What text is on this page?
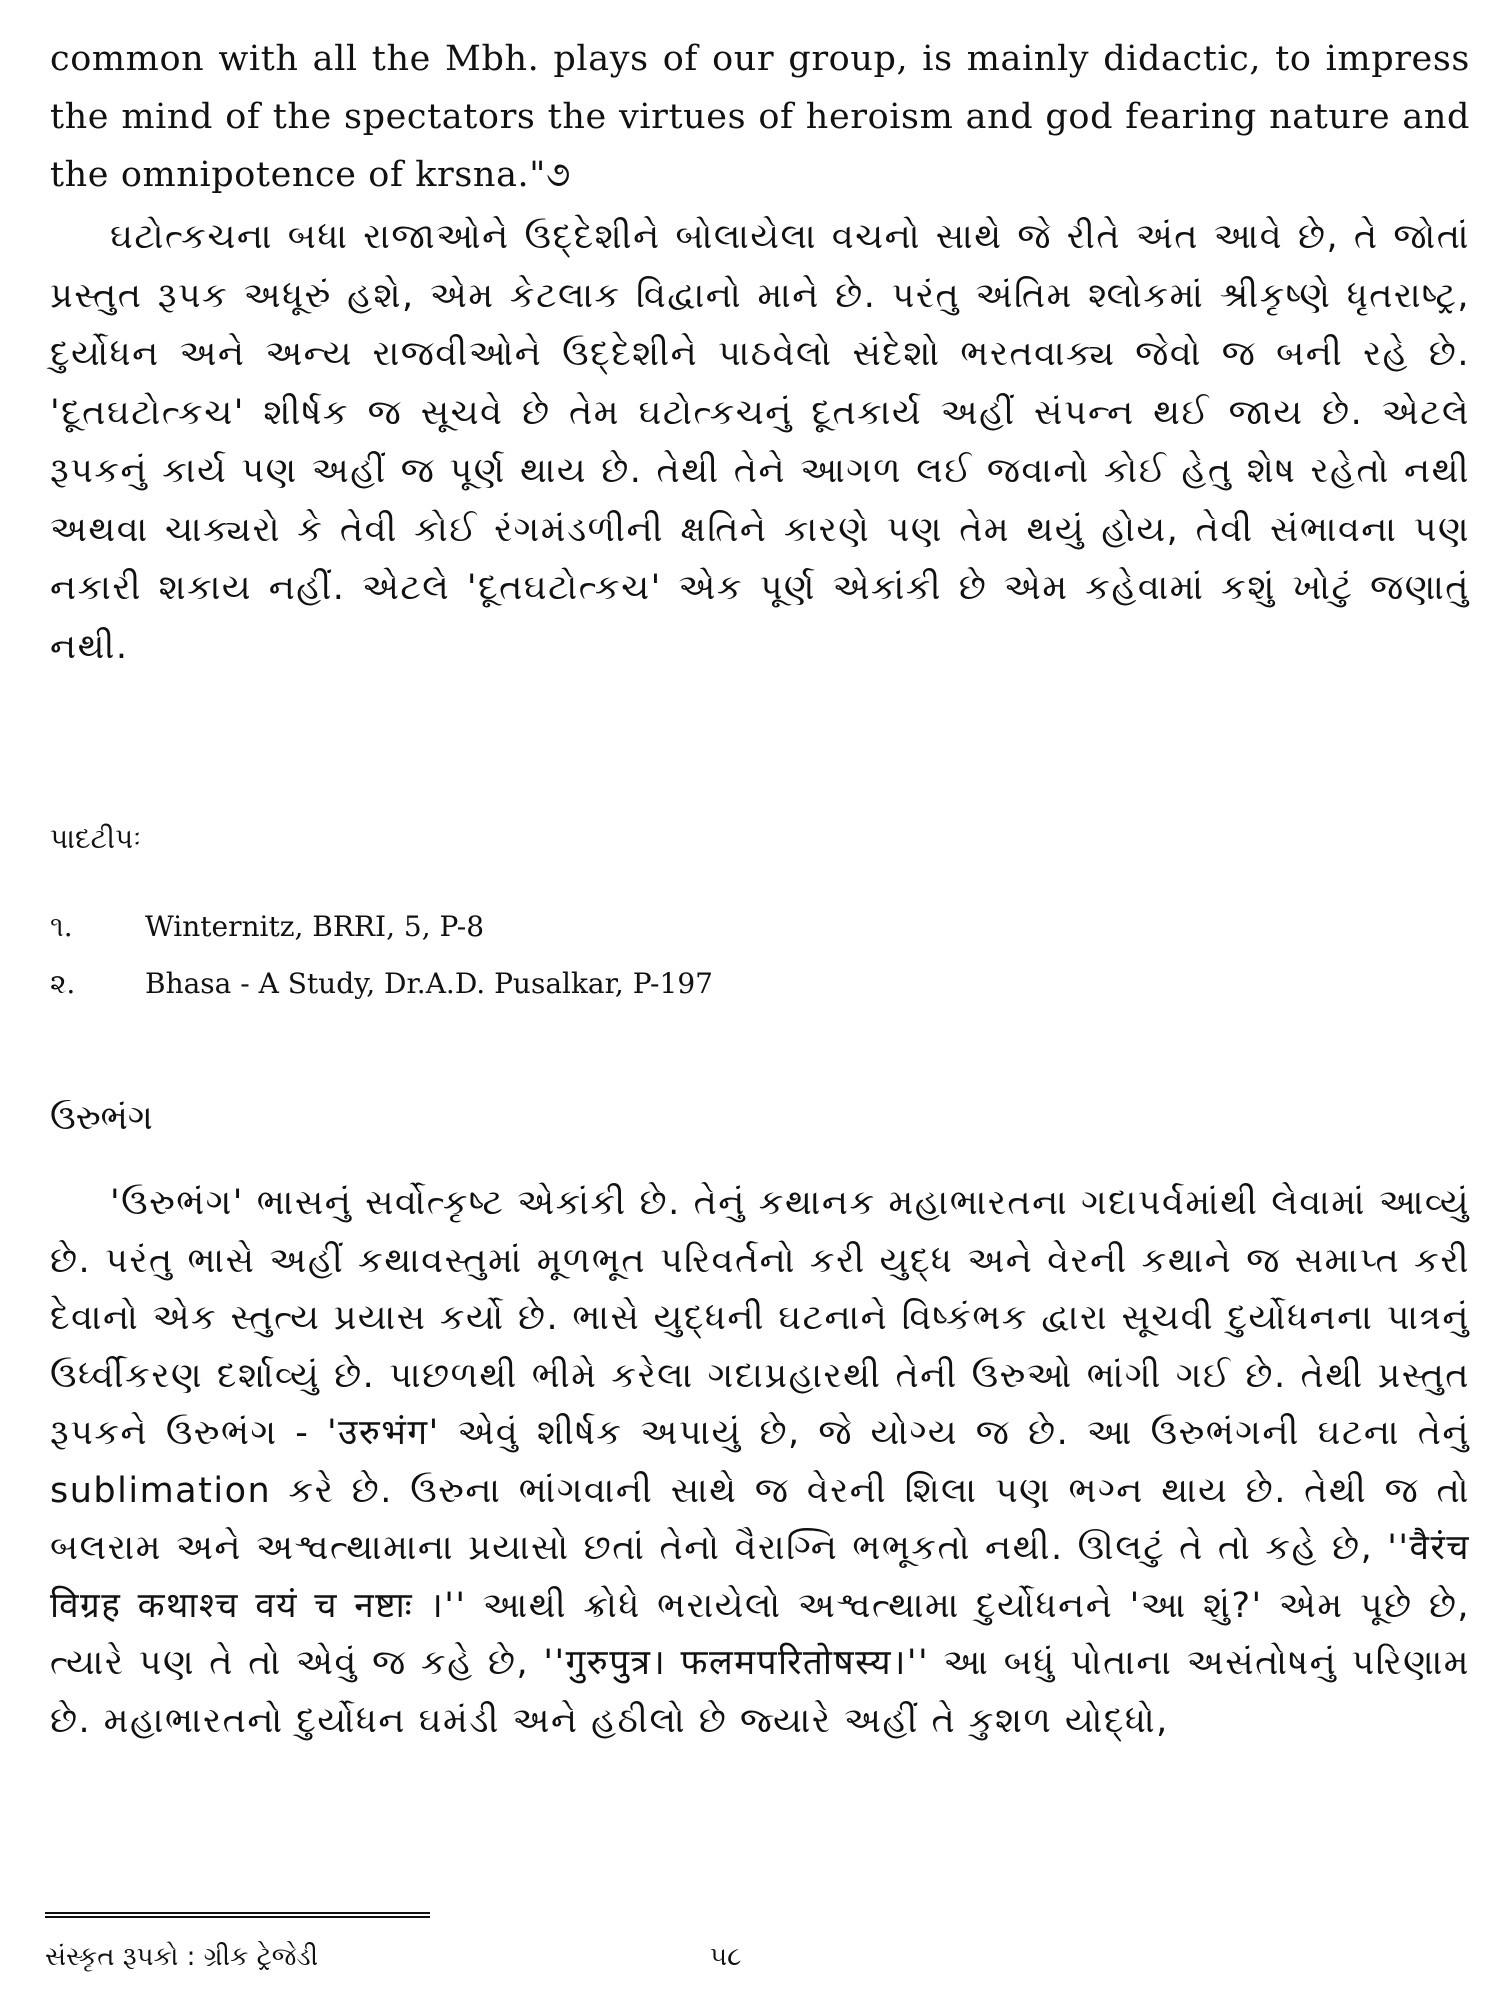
common with all the Mbh. plays of our group, is mainly didactic, to impress the mind of the spectators the virtues of heroism and god fearing nature and the omnipotence of krsna."૭

ઘટોત્કચના બધા રાજાઓને ઉદ્દેશીને બોલાયેલા વચનો સાથે જે રીતે અંત આવે છે, તે જોતાં પ્રસ્તુત રૂપક અધૂરું હશે, એમ કેટલાક વિદ્વાનો માને છે. પરંતુ અંતિમ શ્લોકમાં શ્રીકૃષ્ણે ધૃતરાષ્ટ્ર, દુર્યોધન અને અન્ય રાજવીઓને ઉદ્દેશીને પાઠવેલો સંદેશો ભરતવાક્ય જેવો જ બની રહે છે. 'દૂતઘટોત્કચ' શીર્ષક જ સૂચવે છે તેમ ઘટોત્કચનું દૂતકાર્ય અહીં સંપન્ન થઈ જાય છે. એટલે રૂપકનું કાર્ય પણ અહીં જ પૂર્ણ થાય છે. તેથી તેને આગળ લઈ જવાનો કોઈ હેતુ શેષ રહેતો નથી અથવા ચાક્યરો કે તેવી કોઈ રંગમંડળીની ક્ષતિને કારણે પણ તેમ થયું હોય, તેવી સંભાવના પણ નકારી શકાય નહીં. એટલે 'દૂતઘટોત્કચ' એક પૂર્ણ એકાંકી છે એમ કહેવામાં કશું ખોટું જણાતું નથી.

પાદટીપઃ

૧.	Winternitz, BRRI, 5, P-8
૨. Bhasa - A Study, Dr.A.D. Pusalkar, P-197
ઉરુભંગ

'ઉરુભંગ' ભાસનું સર્વોત્કૃષ્ટ એકાંકી છે. તેનું કથાનક મહાભારતના ગદાપર્વમાંથી લેવામાં આવ્યું છે. પરંતુ ભાસે અહીં કથાવસ્તુમાં મૂળભૂત પરિવર્તનો કરી યુદ્ધ અને વેરની કથાને જ સમાપ્ત કરી દેવાનો એક સ્તુત્ય પ્રયાસ કર્યો છે. ભાસે યુદ્ધની ઘટનાને વિષ્કંભક દ્વારા સૂચવી દુર્યોધનના પાત્રનું ઉર્ધ્વીકરણ દર્શાવ્યું છે. પાછળથી ભીમે કરેલા ગદાપ્રહારથી તેની ઉરુઓ ભાંગી ગઈ છે. તેથી પ્રસ્તુત રૂપકને ઉરુભંગ - 'उरुभंग' એવું શીર્ષક અપાયું છે, જે યોગ્ય જ છે. આ ઉરુભંગની ઘટના તેનું sublimation કરે છે. ઉરુના ભાંગવાની સાથે જ વેરની શિલા પણ ભગ્ન થાય છે. તેથી જ તો બલરામ અને અશ્વત્થામાના પ્રયાસો છતાં તેનો વૈરાગ્નિ ભભૂકતો નથી. ઊલટું તે તો કહે છે, ''वैरंच विग्रह कथाश्च वयं च नष्टाः ।'' આથી ક્રોધે ભરાયેલો અશ્વત્થામા દુર્યોધનને 'આ શું?' એમ પૂછે છે, ત્યારે પણ તે તો એવું જ કહે છે, ''गुरुपुत्र। फलमपरितोषस्य।'' આ બધું પોતાના અસંતોષનું પરિણામ છે. મહાભારતનો દુર્યોધન ઘમંડી અને હઠીલો છે જ્યારે અહીં તે કુશળ યોદ્ધો,

સંસ્કૃત રૂપકો : ગ્રીક ટ્રેજેડી	૫૮
